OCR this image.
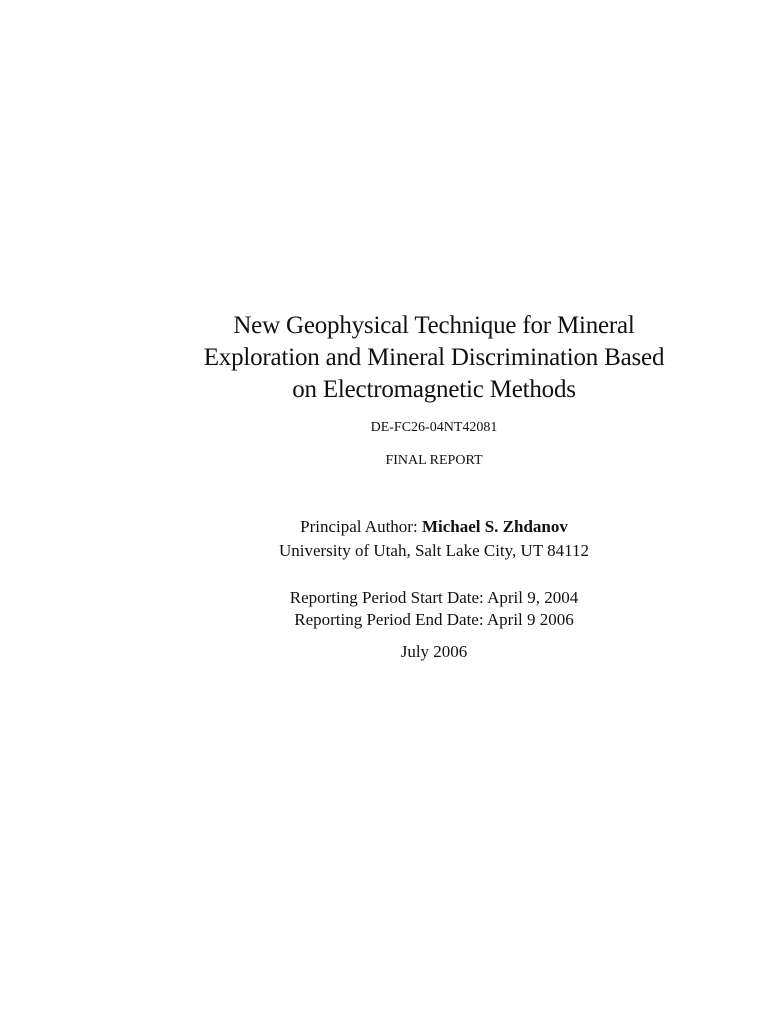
New Geophysical Technique for Mineral
Exploration and Mineral Discrimination Based
on Electromagnetic Methods

DE-FC26-04NT42081

FINAL REPORT

Principal Author: Michael S. Zhdanov

University of Utah, Salt Lake City, UT 84112

Reporting Period Start Date: April 9, 2004

Reporting Period End Date: April 9 2006

July 2006
